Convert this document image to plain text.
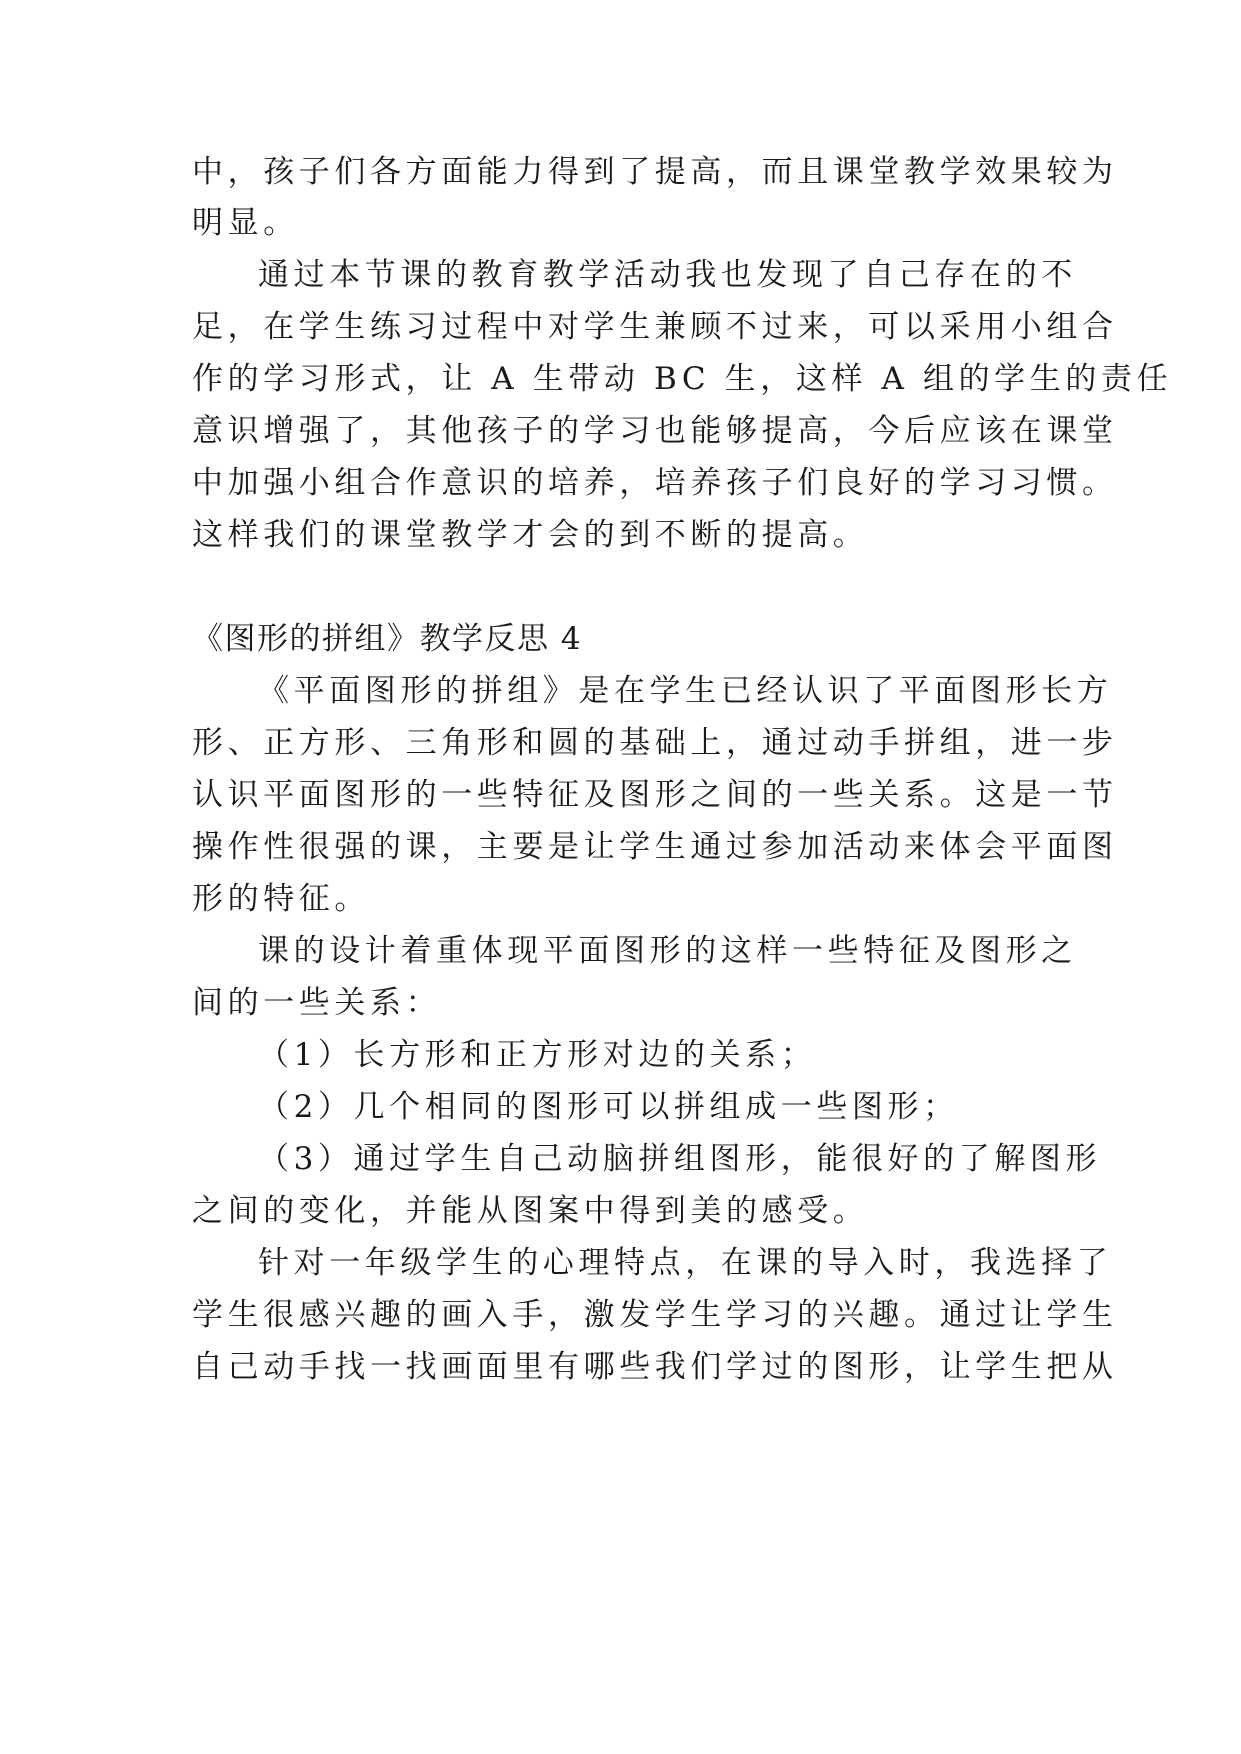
中，孩子们各方面能力得到了提高，而且课堂教学效果较为
明显。
通过本节课的教育教学活动我也发现了自己存在的不
足，在学生练习过程中对学生兼顾不过来，可以采用小组合
作的学习形式，让 A 生带动 BC 生，这样 A 组的学生的责任
意识增强了，其他孩子的学习也能够提高，今后应该在课堂
中加强小组合作意识的培养，培养孩子们良好的学习习惯。
这样我们的课堂教学才会的到不断的提高。
《图形的拼组》教学反思 4
《平面图形的拼组》是在学生已经认识了平面图形长方
形、正方形、三角形和圆的基础上，通过动手拼组，进一步
认识平面图形的一些特征及图形之间的一些关系。这是一节
操作性很强的课，主要是让学生通过参加活动来体会平面图
形的特征。
课的设计着重体现平面图形的这样一些特征及图形之
间的一些关系：
（1）长方形和正方形对边的关系；
（2）几个相同的图形可以拼组成一些图形；
（3）通过学生自己动脑拼组图形，能很好的了解图形
之间的变化，并能从图案中得到美的感受。
针对一年级学生的心理特点，在课的导入时，我选择了
学生很感兴趣的画入手，激发学生学习的兴趣。通过让学生
自己动手找一找画面里有哪些我们学过的图形，让学生把从
